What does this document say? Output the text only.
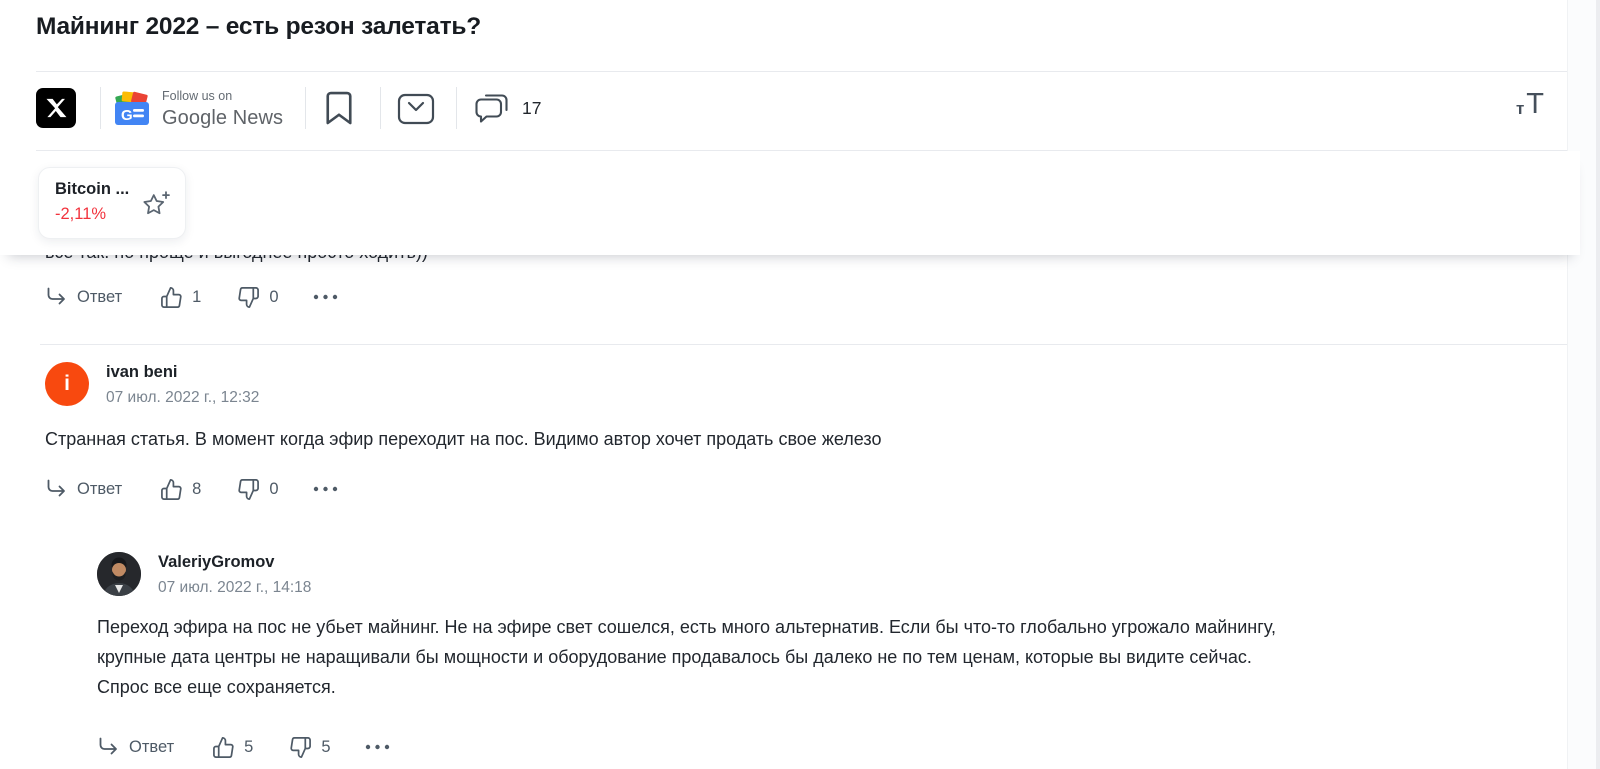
Майнинг 2022 – есть резон залетать?
G
Follow us on
Google News	17	т T
Ответ	1	0
i ivan beni
07 июл. 2022 г., 12:32
Странная статья. В момент когда эфир переходит на пос. Видимо автор хочет продать свое железо
Ответ	8	0
ValeriyGromov
07 июл. 2022 г., 14:18
Переход эфира на пос не убьет майнинг. Не на эфире свет сошелся, есть много альтернатив. Если бы что-то глобально угрожало майнингу,
крупные дата центры не наращивали бы мощности и оборудование продавалось бы далеко не по тем ценам, которые вы видите сейчас.
Спрос все еще сохраняется.
Ответ	5	5
Bitcoin ...
-2,11%
